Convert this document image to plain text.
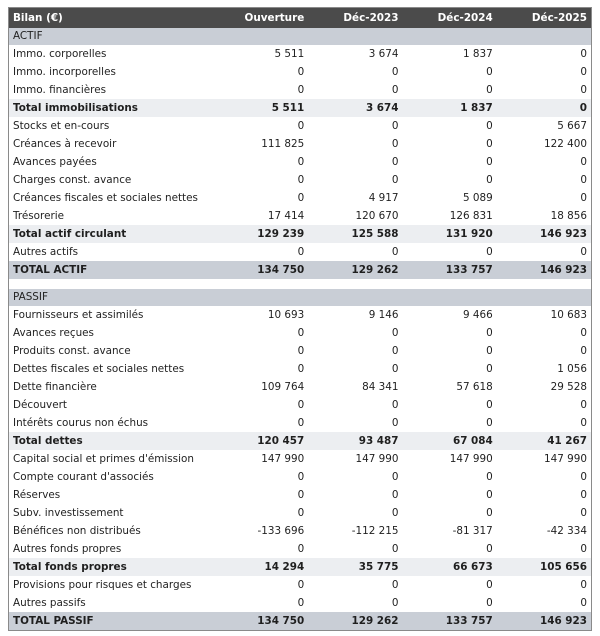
Bilan (€)	Ouverture	Déc-2023	Déc-2024	Déc-2025
ACTIF				
Immo. corporelles	5 511	3 674	1 837	0
Immo. incorporelles	0	0	0	0
Immo. financières	0	0	0	0
Total immobilisations	5 511	3 674	1 837	0
Stocks et en-cours	0	0	0	5 667
Créances à recevoir	111 825	0	0	122 400
Avances payées	0	0	0	0
Charges const. avance	0	0	0	0
Créances fiscales et sociales nettes	0	4 917	5 089	0
Trésorerie	17 414	120 670	126 831	18 856
Total actif circulant	129 239	125 588	131 920	146 923
Autres actifs	0	0	0	0
TOTAL ACTIF	134 750	129 262	133 757	146 923

PASSIF				
Fournisseurs et assimilés	10 693	9 146	9 466	10 683
Avances reçues	0	0	0	0
Produits const. avance	0	0	0	0
Dettes fiscales et sociales nettes	0	0	0	1 056
Dette financière	109 764	84 341	57 618	29 528
Découvert	0	0	0	0
Intérêts courus non échus	0	0	0	0
Total dettes	120 457	93 487	67 084	41 267
Capital social et primes d'émission	147 990	147 990	147 990	147 990
Compte courant d'associés	0	0	0	0
Réserves	0	0	0	0
Subv. investissement	0	0	0	0
Bénéfices non distribués	-133 696	-112 215	-81 317	-42 334
Autres fonds propres	0	0	0	0
Total fonds propres	14 294	35 775	66 673	105 656
Provisions pour risques et charges	0	0	0	0
Autres passifs	0	0	0	0
TOTAL PASSIF	134 750	129 262	133 757	146 923
